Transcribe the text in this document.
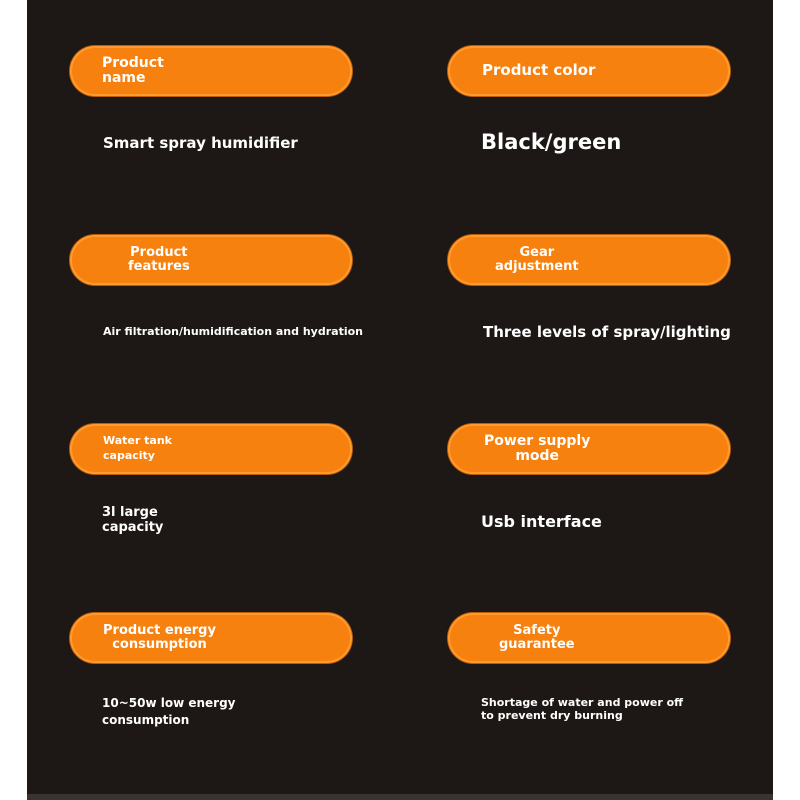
Product
name
Smart spray humidifier
Product color
Black/green
Product
features
Air filtration/humidification and hydration
Gear
adjustment
Three levels of spray/lighting
Water tank
capacity
3l large
capacity
Power supply
mode
Usb interface
Product energy
consumption
10~50w low energy
consumption
Safety
guarantee
Shortage of water and power off
to prevent dry burning
